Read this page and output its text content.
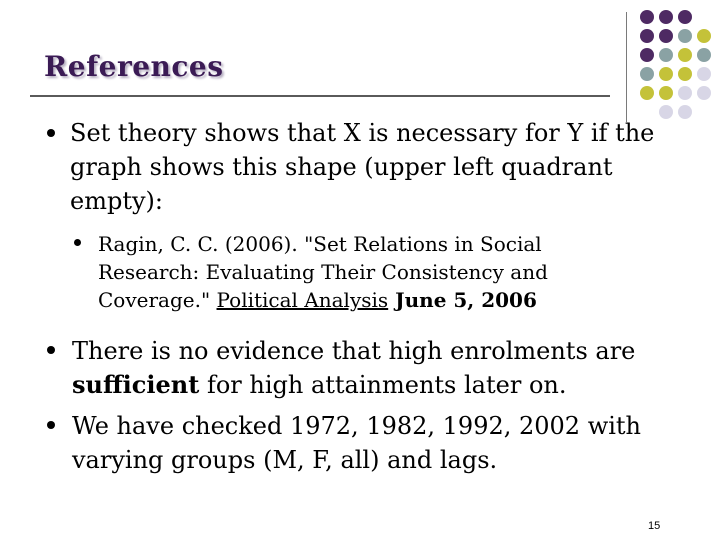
References
Set theory shows that X is necessary for Y if the graph shows this shape (upper left quadrant empty):
Ragin, C. C. (2006). "Set Relations in Social Research: Evaluating Their Consistency and Coverage." Political Analysis June 5, 2006
There is no evidence that high enrolments are sufficient for high attainments later on.
We have checked 1972, 1982, 1992, 2002 with varying groups (M, F, all) and lags.
15
